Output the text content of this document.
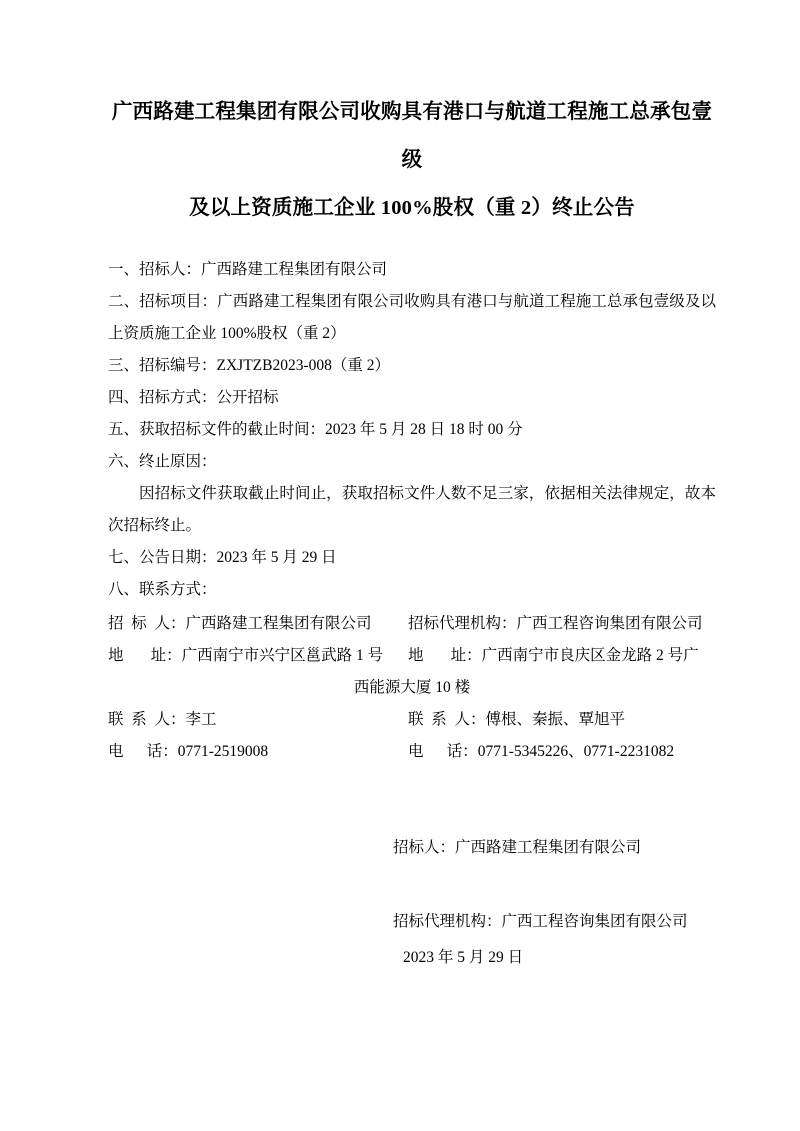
广西路建工程集团有限公司收购具有港口与航道工程施工总承包壹级
及以上资质施工企业 100%股权（重 2）终止公告

一、招标人：广西路建工程集团有限公司

二、招标项目：广西路建工程集团有限公司收购具有港口与航道工程施工总承包壹级及以上资质施工企业 100%股权（重 2）

三、招标编号：ZXJTZB2023-008（重 2）

四、招标方式：公开招标

五、获取招标文件的截止时间：2023 年 5 月 28 日 18 时 00 分

六、终止原因：

因招标文件获取截止时间止，获取招标文件人数不足三家，依据相关法律规定，故本次招标终止。

七、公告日期：2023 年 5 月 29 日

八、联系方式：

招  标  人：广西路建工程集团有限公司	招标代理机构：广西工程咨询集团有限公司
地       址：广西南宁市兴宁区邕武路 1 号	地       址：广西南宁市良庆区金龙路 2 号广
西能源大厦 10 楼
联  系  人：李工	联  系  人：傅根、秦振、覃旭平
电      话：0771-2519008	电      话：0771-5345226、0771-2231082
招标人：广西路建工程集团有限公司
招标代理机构：广西工程咨询集团有限公司
2023 年 5 月 29 日
